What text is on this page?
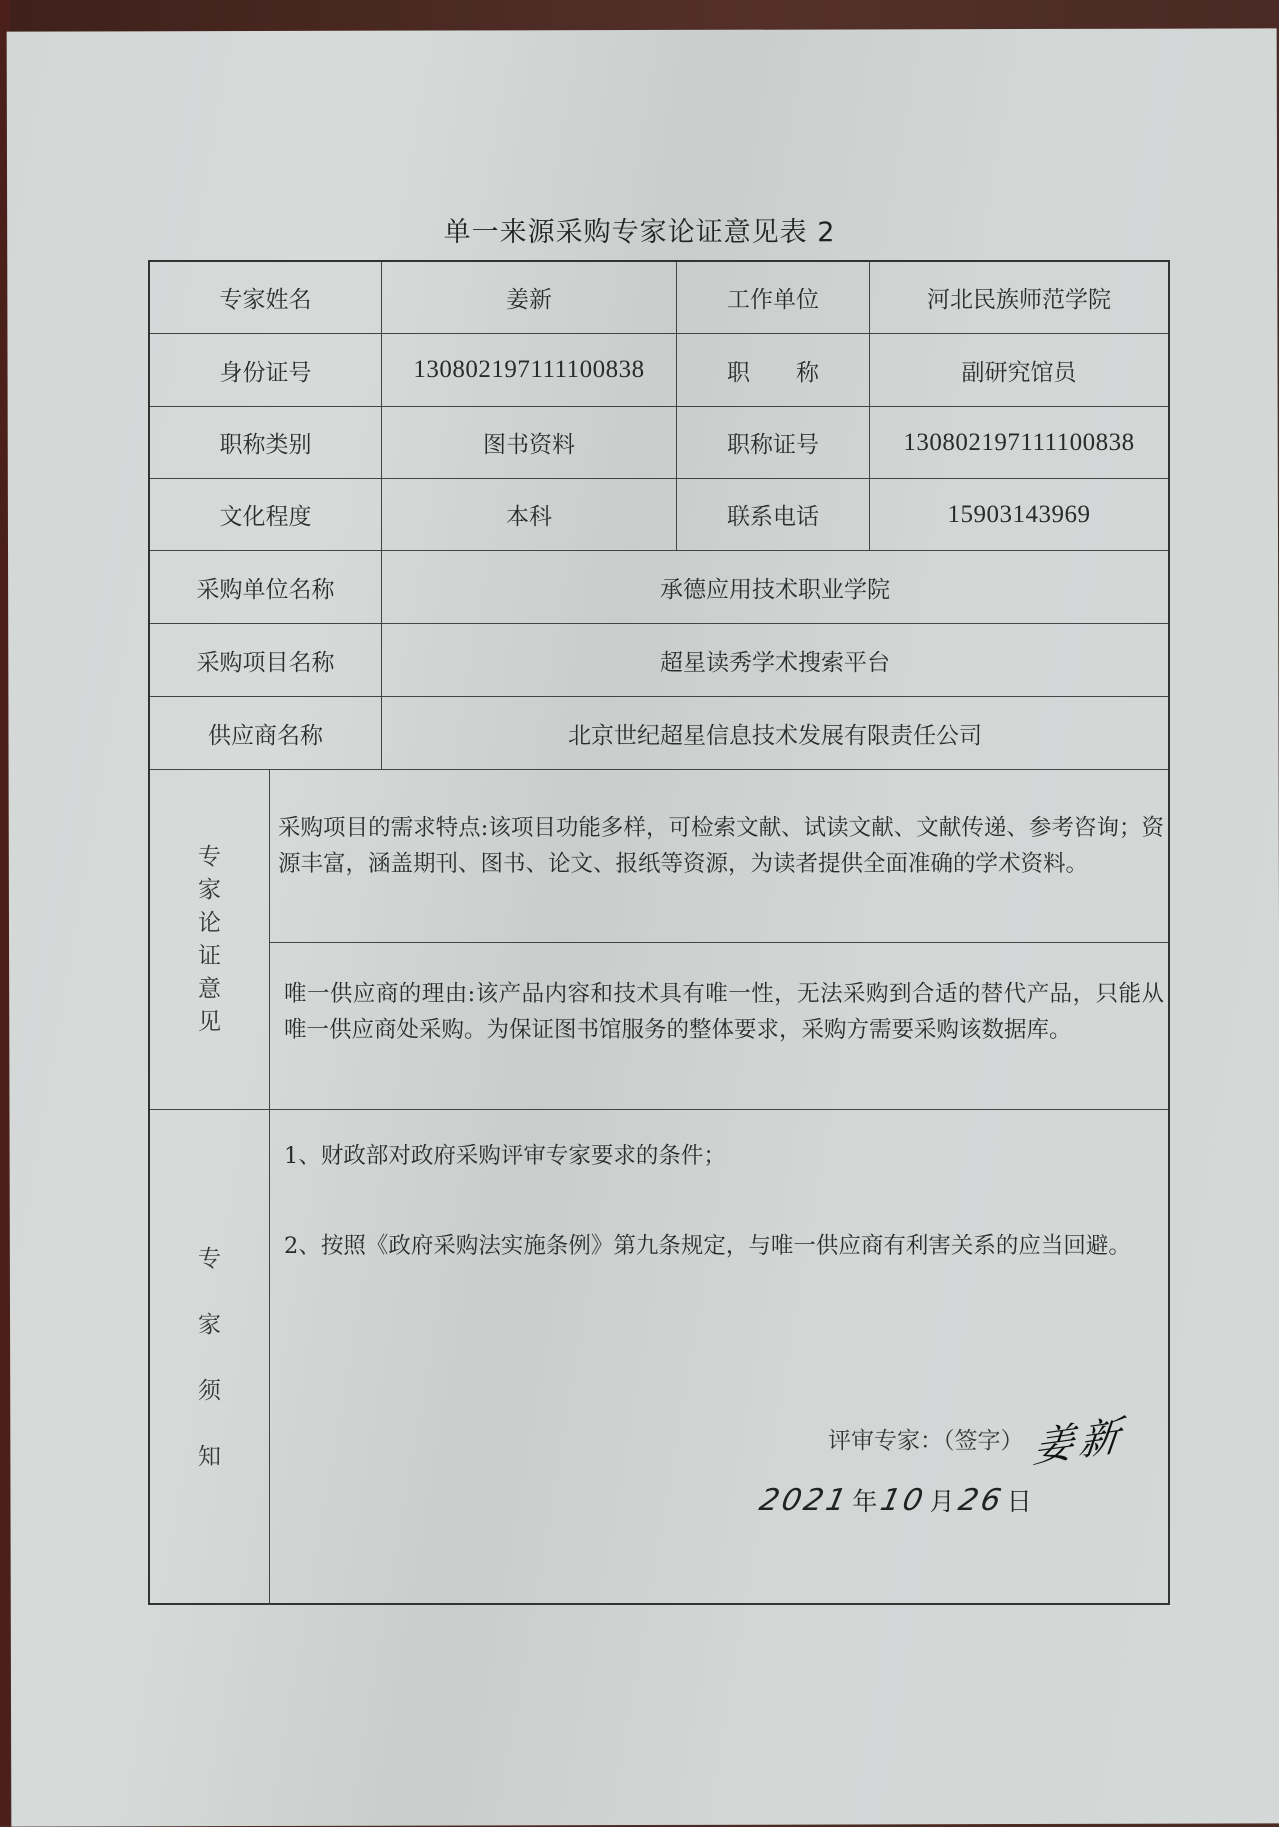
单一来源采购专家论证意见表 2
专家姓名	姜新	工作单位	河北民族师范学院
身份证号	130802197111100838	职　　称	副研究馆员
职称类别	图书资料	职称证号	130802197111100838
文化程度	本科	联系电话	15903143969
采购单位名称	承德应用技术职业学院
采购项目名称	超星读秀学术搜索平台
供应商名称	北京世纪超星信息技术发展有限责任公司
专
家
论
证
意
见
采购项目的需求特点:该项目功能多样，可检索文献、试读文献、文献传递、参考咨询；资源丰富，涵盖期刊、图书、论文、报纸等资源，为读者提供全面准确的学术资料。
唯一供应商的理由:该产品内容和技术具有唯一性，无法采购到合适的替代产品，只能从唯一供应商处采购。为保证图书馆服务的整体要求，采购方需要采购该数据库。
专
家
须
知
1、财政部对政府采购评审专家要求的条件；
2、按照《政府采购法实施条例》第九条规定，与唯一供应商有利害关系的应当回避。
评审专家：（签字） 姜新
2021 年 10 月 26 日
